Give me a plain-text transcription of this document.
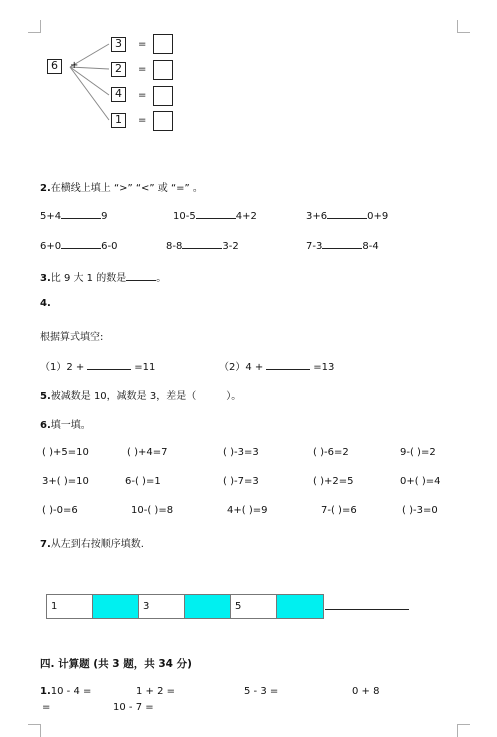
6	+
3	=
2	=
4	=
1	=
2.在横线上填上 “>” “<” 或 “=” 。
5+4	9	10-5	4+2	3+6	0+9
6+0	6-0	8-8	3-2	7-3	8-4
3.比 9 大 1 的数是	。
4.
根据算式填空:
（1）2 +	=11	（2）4 +	=13
5.被减数是 10，减数是 3，差是（	）。
6.填一填。
( )+5=10	( )+4=7	( )-3=3	( )-6=2	9-( )=2
3+( )=10	6-( )=1	( )-7=3	( )+2=5	0+( )=4
( )-0=6	10-( )=8	4+( )=9	7-( )=6	( )-3=0
7.从左到右按顺序填数.
1	3	5
四. 计算题 (共 3 题，共 34 分)
1.10 - 4 =	1 + 2 =	5 - 3 =	0 + 8
=	10 - 7 =
